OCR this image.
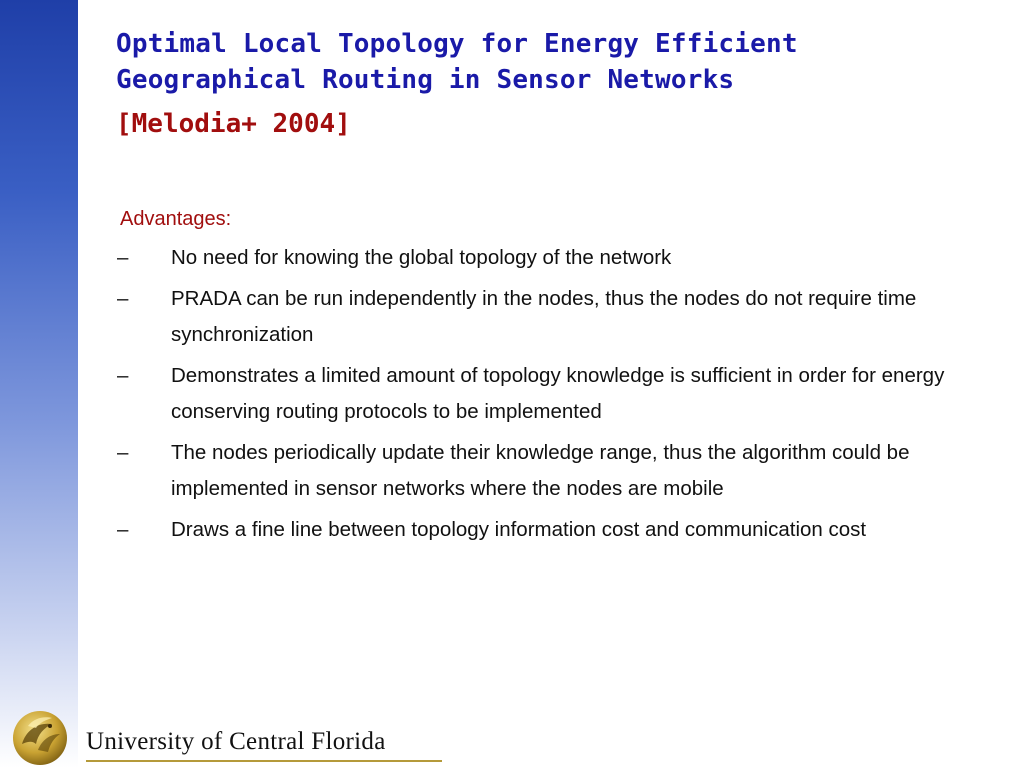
Optimal Local Topology for Energy Efficient
Geographical Routing in Sensor Networks
[Melodia+ 2004]
Advantages:
–	No need for knowing the global topology of the network
–	PRADA can be run independently in the nodes, thus the nodes do not require time synchronization
–	Demonstrates a limited amount of topology knowledge is sufficient in order for energy conserving routing protocols to be implemented
–	The nodes periodically update their knowledge range, thus the algorithm could be implemented in sensor networks where the nodes are mobile
–	Draws a fine line between topology information cost and communication cost
University of Central Florida
